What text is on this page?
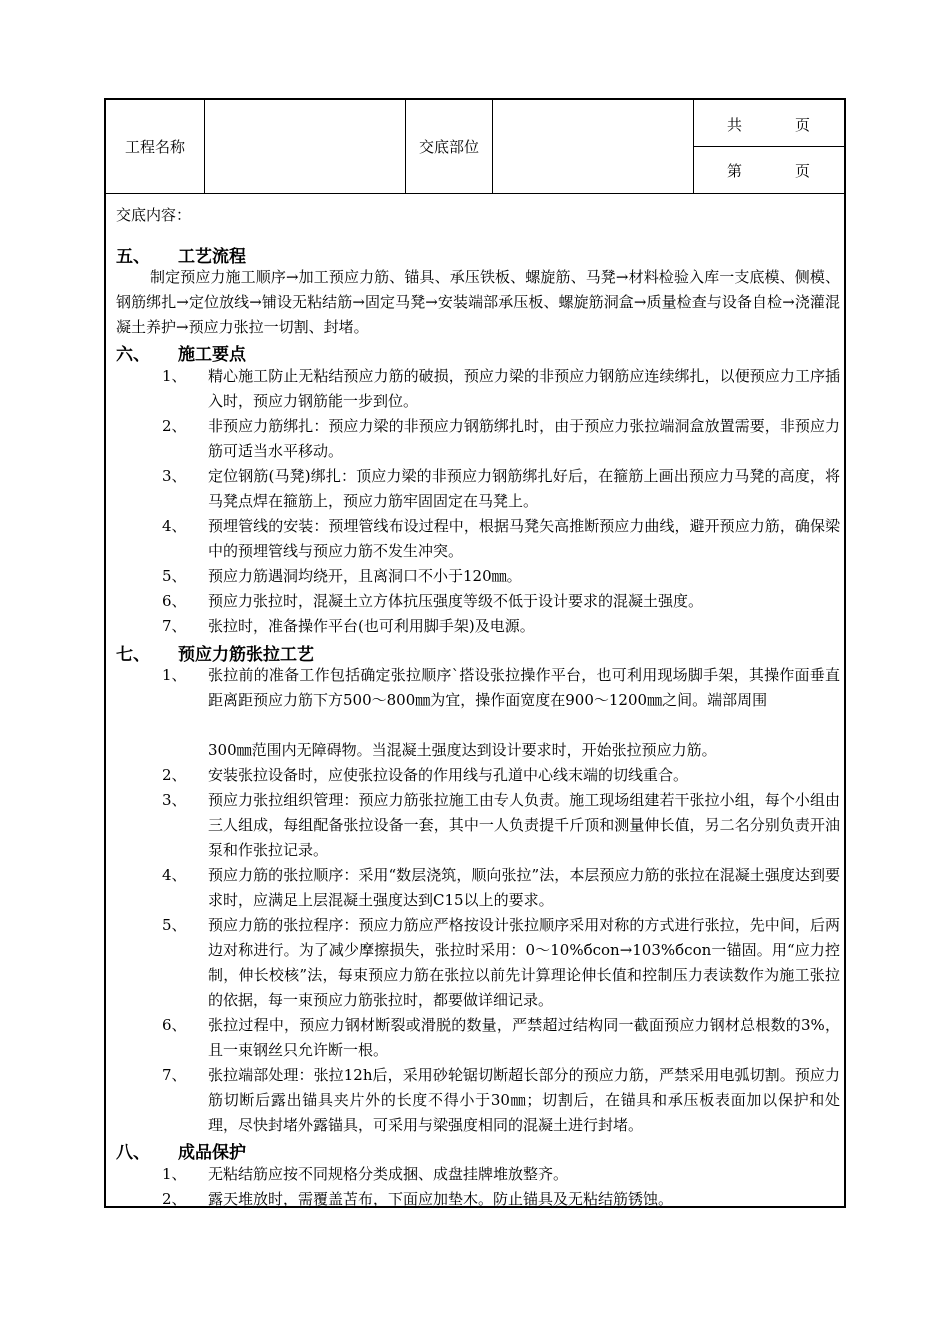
工程名称	交底部位
共	页
第	页
交底内容：
五、 工艺流程
制定预应力施工顺序→加工预应力筋、锚具、承压铁板、螺旋筋、马凳→材料检验入库一支底模、侧模、钢筋绑扎→定位放线→铺设无粘结筋→固定马凳→安装端部承压板、螺旋筋洞盒→质量检查与设备自检→浇灌混凝土养护→预应力张拉一切割、封堵。
六、 施工要点
1、 精心施工防止无粘结预应力筋的破损，预应力梁的非预应力钢筋应连续绑扎，以便预应力工序插入时，预应力钢筋能一步到位。
2、 非预应力筋绑扎：预应力梁的非预应力钢筋绑扎时，由于预应力张拉端洞盒放置需要，非预应力筋可适当水平移动。
3、 定位钢筋(马凳)绑扎：顶应力梁的非预应力钢筋绑扎好后，在箍筋上画出预应力马凳的高度，将马凳点焊在箍筋上，预应力筋牢固固定在马凳上。
4、 预埋管线的安装：预埋管线布设过程中，根据马凳矢高推断预应力曲线，避开预应力筋，确保梁中的预埋管线与预应力筋不发生冲突。
5、 预应力筋遇洞均绕开，且离洞口不小于120㎜。
6、 预应力张拉时，混凝土立方体抗压强度等级不低于设计要求的混凝土强度。
7、 张拉时，准备操作平台(也可利用脚手架)及电源。
七、 预应力筋张拉工艺
1、 张拉前的准备工作包括确定张拉顺序`搭设张拉操作平台，也可利用现场脚手架，其操作面垂直距离距预应力筋下方500～800㎜为宜，操作面宽度在900～1200㎜之间。端部周围
300㎜范围内无障碍物。当混凝土强度达到设计要求时，开始张拉预应力筋。
2、 安装张拉设备时，应使张拉设备的作用线与孔道中心线末端的切线重合。
3、 预应力张拉组织管理：预应力筋张拉施工由专人负责。施工现场组建若干张拉小组，每个小组由三人组成，每组配备张拉设备一套，其中一人负责提千斤顶和测量伸长值，另二名分别负责开油泵和作张拉记录。
4、 预应力筋的张拉顺序：采用“数层浇筑，顺向张拉”法，本层预应力筋的张拉在混凝土强度达到要求时，应满足上层混凝土强度达到C15以上的要求。
5、 预应力筋的张拉程序：预应力筋应严格按设计张拉顺序采用对称的方式进行张拉，先中间，后两边对称进行。为了减少摩擦损失，张拉时采用：0～10%бcon→103%бcon一锚固。用“应力控制，伸长校核”法，每束预应力筋在张拉以前先计算理论伸长值和控制压力表读数作为施工张拉的依据，每一束预应力筋张拉时，都要做详细记录。
6、 张拉过程中，预应力钢材断裂或滑脱的数量，严禁超过结构同一截面预应力钢材总根数的3%，且一束钢丝只允许断一根。
7、 张拉端部处理：张拉12h后，采用砂轮锯切断超长部分的预应力筋，严禁采用电弧切割。预应力筋切断后露出锚具夹片外的长度不得小于30㎜；切割后，在锚具和承压板表面加以保护和处理，尽快封堵外露锚具，可采用与梁强度相同的混凝土进行封堵。
八、 成品保护
1、 无粘结筋应按不同规格分类成捆、成盘挂牌堆放整齐。
2、 露天堆放时，需覆盖苫布，下面应加垫木。防止锚具及无粘结筋锈蚀。
